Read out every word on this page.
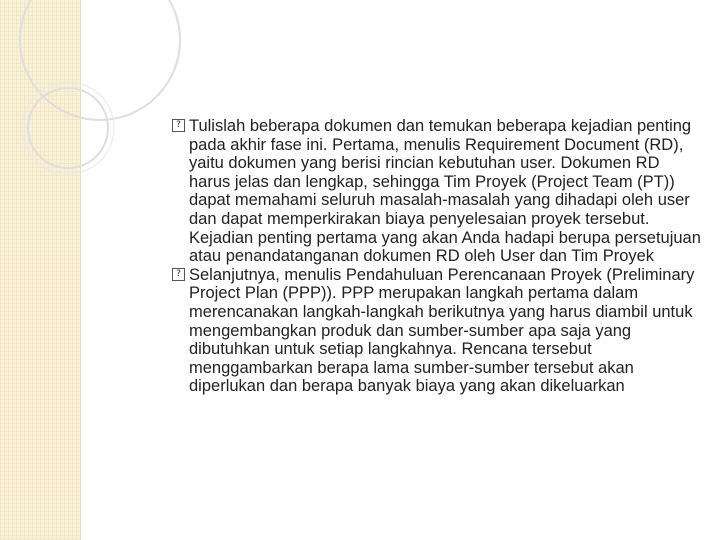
? Tulislah beberapa dokumen dan temukan beberapa kejadian penting pada akhir fase ini. Pertama, menulis Requirement Document (RD), yaitu dokumen yang berisi rincian kebutuhan user. Dokumen RD harus jelas dan lengkap, sehingga Tim Proyek (Project Team (PT)) dapat memahami seluruh masalah-masalah yang dihadapi oleh user dan dapat memperkirakan biaya penyelesaian proyek tersebut. Kejadian penting pertama yang akan Anda hadapi berupa persetujuan atau penandatanganan dokumen RD oleh User dan Tim Proyek

? Selanjutnya, menulis Pendahuluan Perencanaan Proyek (Preliminary Project Plan (PPP)). PPP merupakan langkah pertama dalam merencanakan langkah-langkah berikutnya yang harus diambil untuk mengembangkan produk dan sumber-sumber apa saja yang dibutuhkan untuk setiap langkahnya. Rencana tersebut menggambarkan berapa lama sumber-sumber tersebut akan diperlukan dan berapa banyak biaya yang akan dikeluarkan
